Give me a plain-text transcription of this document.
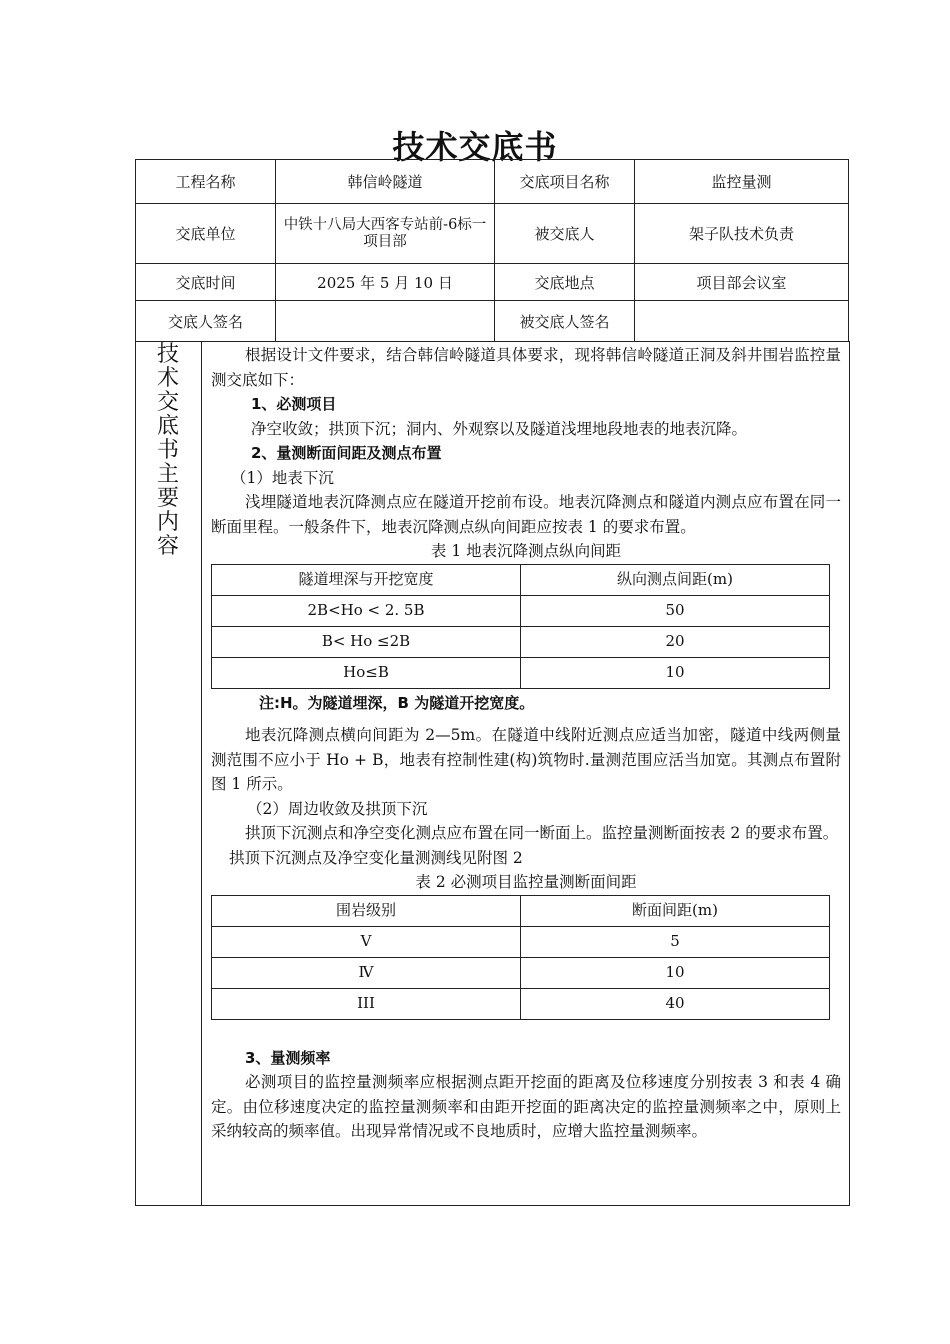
技术交底书
工程名称	韩信岭隧道	交底项目名称	监控量测
交底单位	中铁十八局大西客专站前-6标一项目部	被交底人	架子队技术负责
交底时间	2025 年 5 月 10 日	交底地点	项目部会议室
交底人签名		被交底人签名	
技术交底书主要内容

根据设计文件要求，结合韩信岭隧道具体要求，现将韩信岭隧道正洞及斜井围岩监控量测交底如下：

1、必测项目

净空收敛；拱顶下沉；洞内、外观察以及隧道浅埋地段地表的地表沉降。

2、量测断面间距及测点布置

（1）地表下沉

浅埋隧道地表沉降测点应在隧道开挖前布设。地表沉降测点和隧道内测点应布置在同一断面里程。一般条件下，地表沉降测点纵向间距应按表 1 的要求布置。

表 1 地表沉降测点纵向间距

隧道埋深与开挖宽度	纵向测点间距(m)
2B<Ho < 2. 5B	50
B< Ho ≤2B	20
Ho≤B	10

注:H。为隧道埋深，B 为隧道开挖宽度。

地表沉降测点横向间距为 2—5m。在隧道中线附近测点应适当加密，隧道中线两侧量测范围不应小于 Ho + B，地表有控制性建(构)筑物时.量测范围应活当加宽。其测点布置附图 1 所示。

（2）周边收敛及拱顶下沉

拱顶下沉测点和净空变化测点应布置在同一断面上。监控量测断面按表 2 的要求布置。

拱顶下沉测点及净空变化量测测线见附图 2

表 2 必测项目监控量测断面间距

围岩级别	断面间距(m)
V	5
Ⅳ	10
III	40

3、量测频率

必测项目的监控量测频率应根据测点距开挖面的距离及位移速度分别按表 3 和表 4 确定。由位移速度决定的监控量测频率和由距开挖面的距离决定的监控量测频率之中，原则上采纳较高的频率值。出现异常情况或不良地质时，应增大监控量测频率。
